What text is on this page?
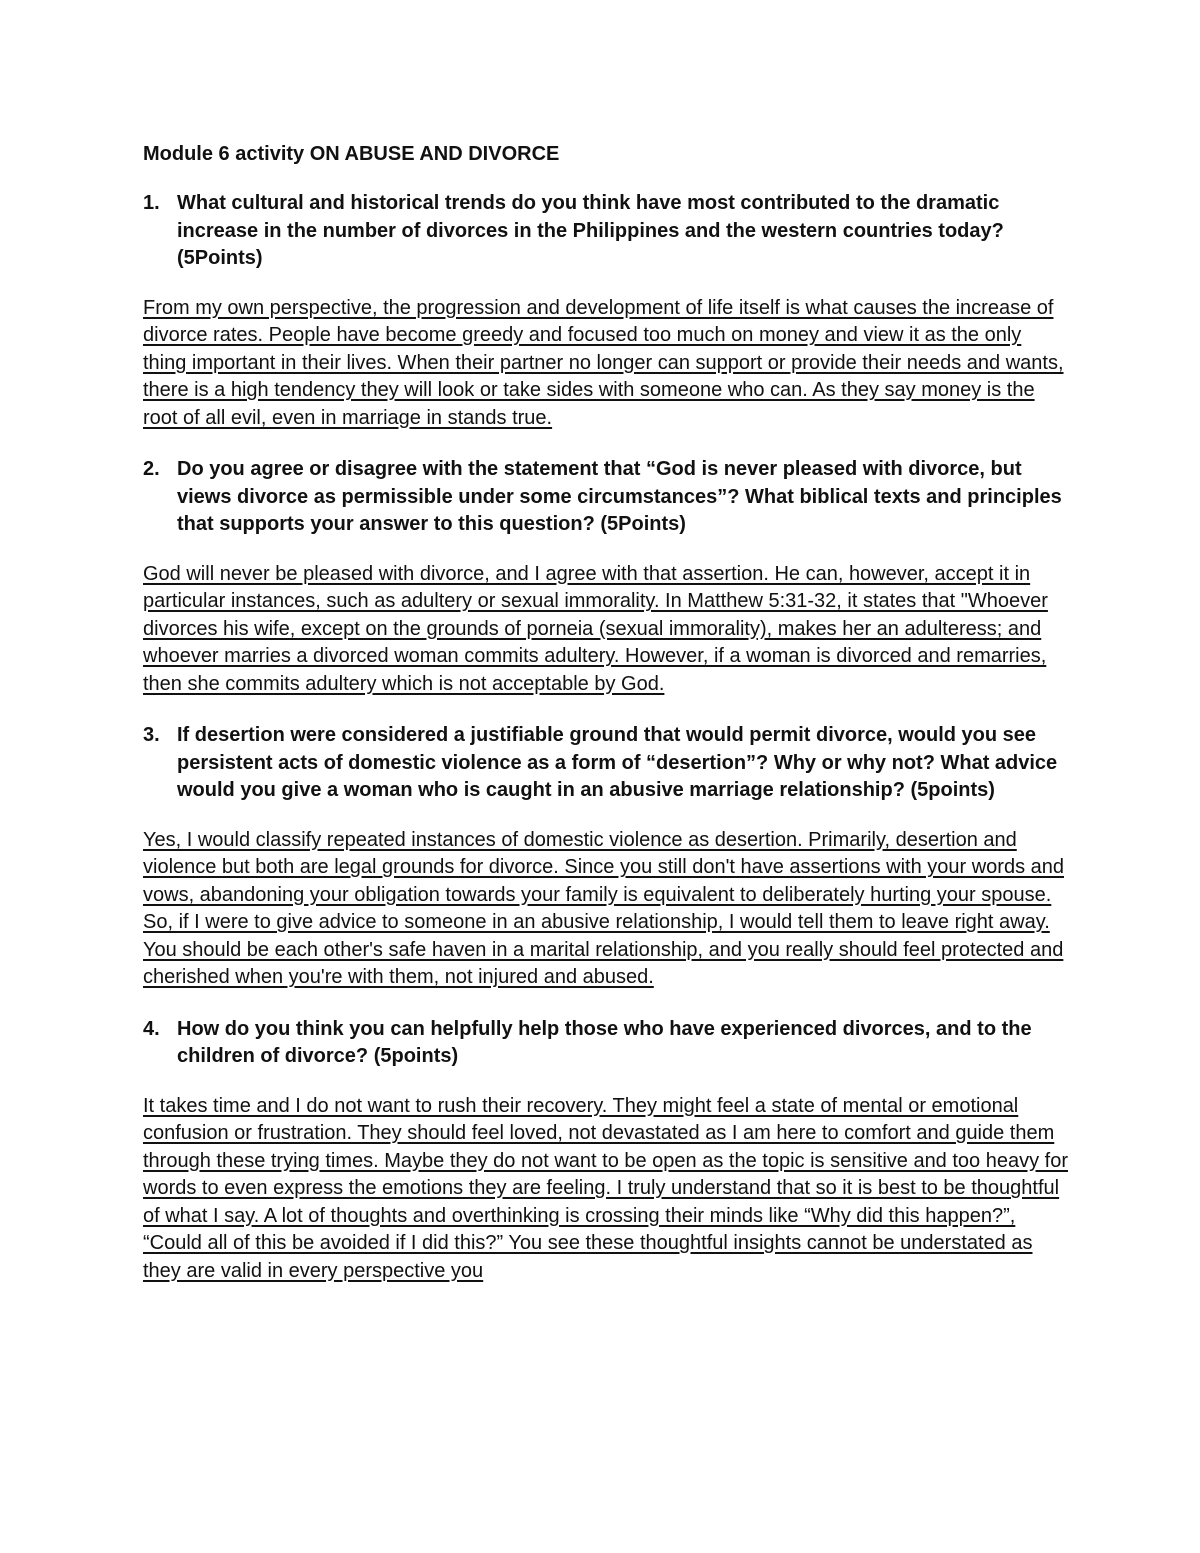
Module 6 activity ON ABUSE AND DIVORCE
1. What cultural and historical trends do you think have most contributed to the dramatic increase in the number of divorces in the Philippines and the western countries today? (5Points)
From my own perspective, the progression and development of life itself is what causes the increase of divorce rates. People have become greedy and focused too much on money and view it as the only thing important in their lives. When their partner no longer can support or provide their needs and wants, there is a high tendency they will look or take sides with someone who can. As they say money is the root of all evil, even in marriage in stands true.
2. Do you agree or disagree with the statement that “God is never pleased with divorce, but views divorce as permissible under some circumstances”? What biblical texts and principles that supports your answer to this question? (5Points)
God will never be pleased with divorce, and I agree with that assertion. He can, however, accept it in particular instances, such as adultery or sexual immorality. In Matthew 5:31-32, it states that "Whoever divorces his wife, except on the grounds of porneia (sexual immorality), makes her an adulteress; and whoever marries a divorced woman commits adultery. However, if a woman is divorced and remarries, then she commits adultery which is not acceptable by God.
3. If desertion were considered a justifiable ground that would permit divorce, would you see persistent acts of domestic violence as a form of “desertion”? Why or why not? What advice would you give a woman who is caught in an abusive marriage relationship? (5points)
Yes, I would classify repeated instances of domestic violence as desertion. Primarily, desertion and violence but both are legal grounds for divorce. Since you still don't have assertions with your words and vows, abandoning your obligation towards your family is equivalent to deliberately hurting your spouse. So, if I were to give advice to someone in an abusive relationship, I would tell them to leave right away. You should be each other's safe haven in a marital relationship, and you really should feel protected and cherished when you're with them, not injured and abused.
4. How do you think you can helpfully help those who have experienced divorces, and to the children of divorce? (5points)
It takes time and I do not want to rush their recovery. They might feel a state of mental or emotional confusion or frustration. They should feel loved, not devastated as I am here to comfort and guide them through these trying times. Maybe they do not want to be open as the topic is sensitive and too heavy for words to even express the emotions they are feeling. I truly understand that so it is best to be thoughtful of what I say. A lot of thoughts and overthinking is crossing their minds like “Why did this happen?”, “Could all of this be avoided if I did this?” You see these thoughtful insights cannot be understated as they are valid in every perspective you
